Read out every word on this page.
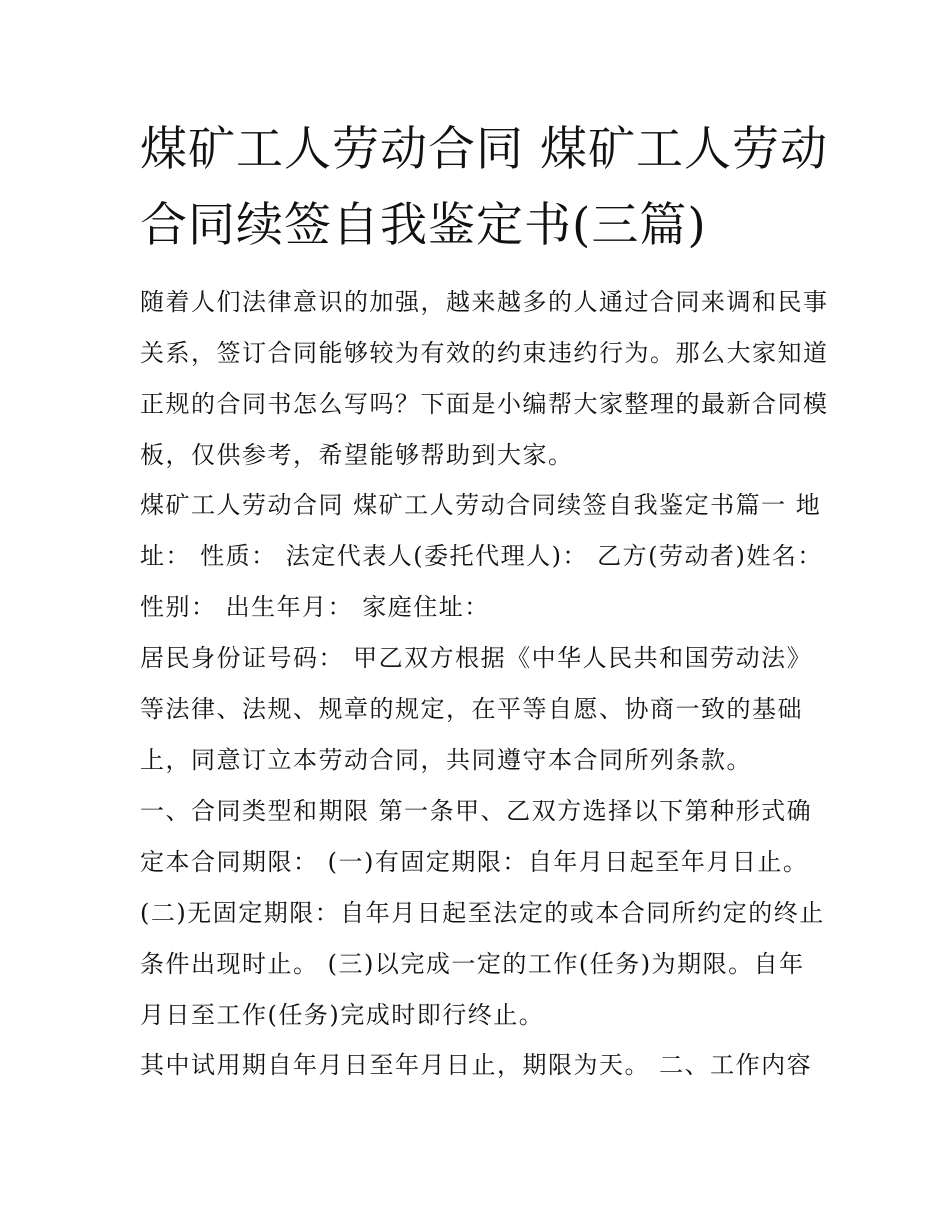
煤矿工人劳动合同 煤矿工人劳动合同续签自我鉴定书(三篇)

随着人们法律意识的加强，越来越多的人通过合同来调和民事关系，签订合同能够较为有效的约束违约行为。那么大家知道正规的合同书怎么写吗？下面是小编帮大家整理的最新合同模板，仅供参考，希望能够帮助到大家。

煤矿工人劳动合同 煤矿工人劳动合同续签自我鉴定书篇一 地址： 性质： 法定代表人(委托代理人)： 乙方(劳动者)姓名： 性别： 出生年月： 家庭住址：

居民身份证号码： 甲乙双方根据《中华人民共和国劳动法》等法律、法规、规章的规定，在平等自愿、协商一致的基础上，同意订立本劳动合同，共同遵守本合同所列条款。

一、合同类型和期限 第一条甲、乙双方选择以下第种形式确定本合同期限： (一)有固定期限：自年月日起至年月日止。 (二)无固定期限：自年月日起至法定的或本合同所约定的终止条件出现时止。 (三)以完成一定的工作(任务)为期限。自年月日至工作(任务)完成时即行终止。

其中试用期自年月日至年月日止，期限为天。 二、工作内容
